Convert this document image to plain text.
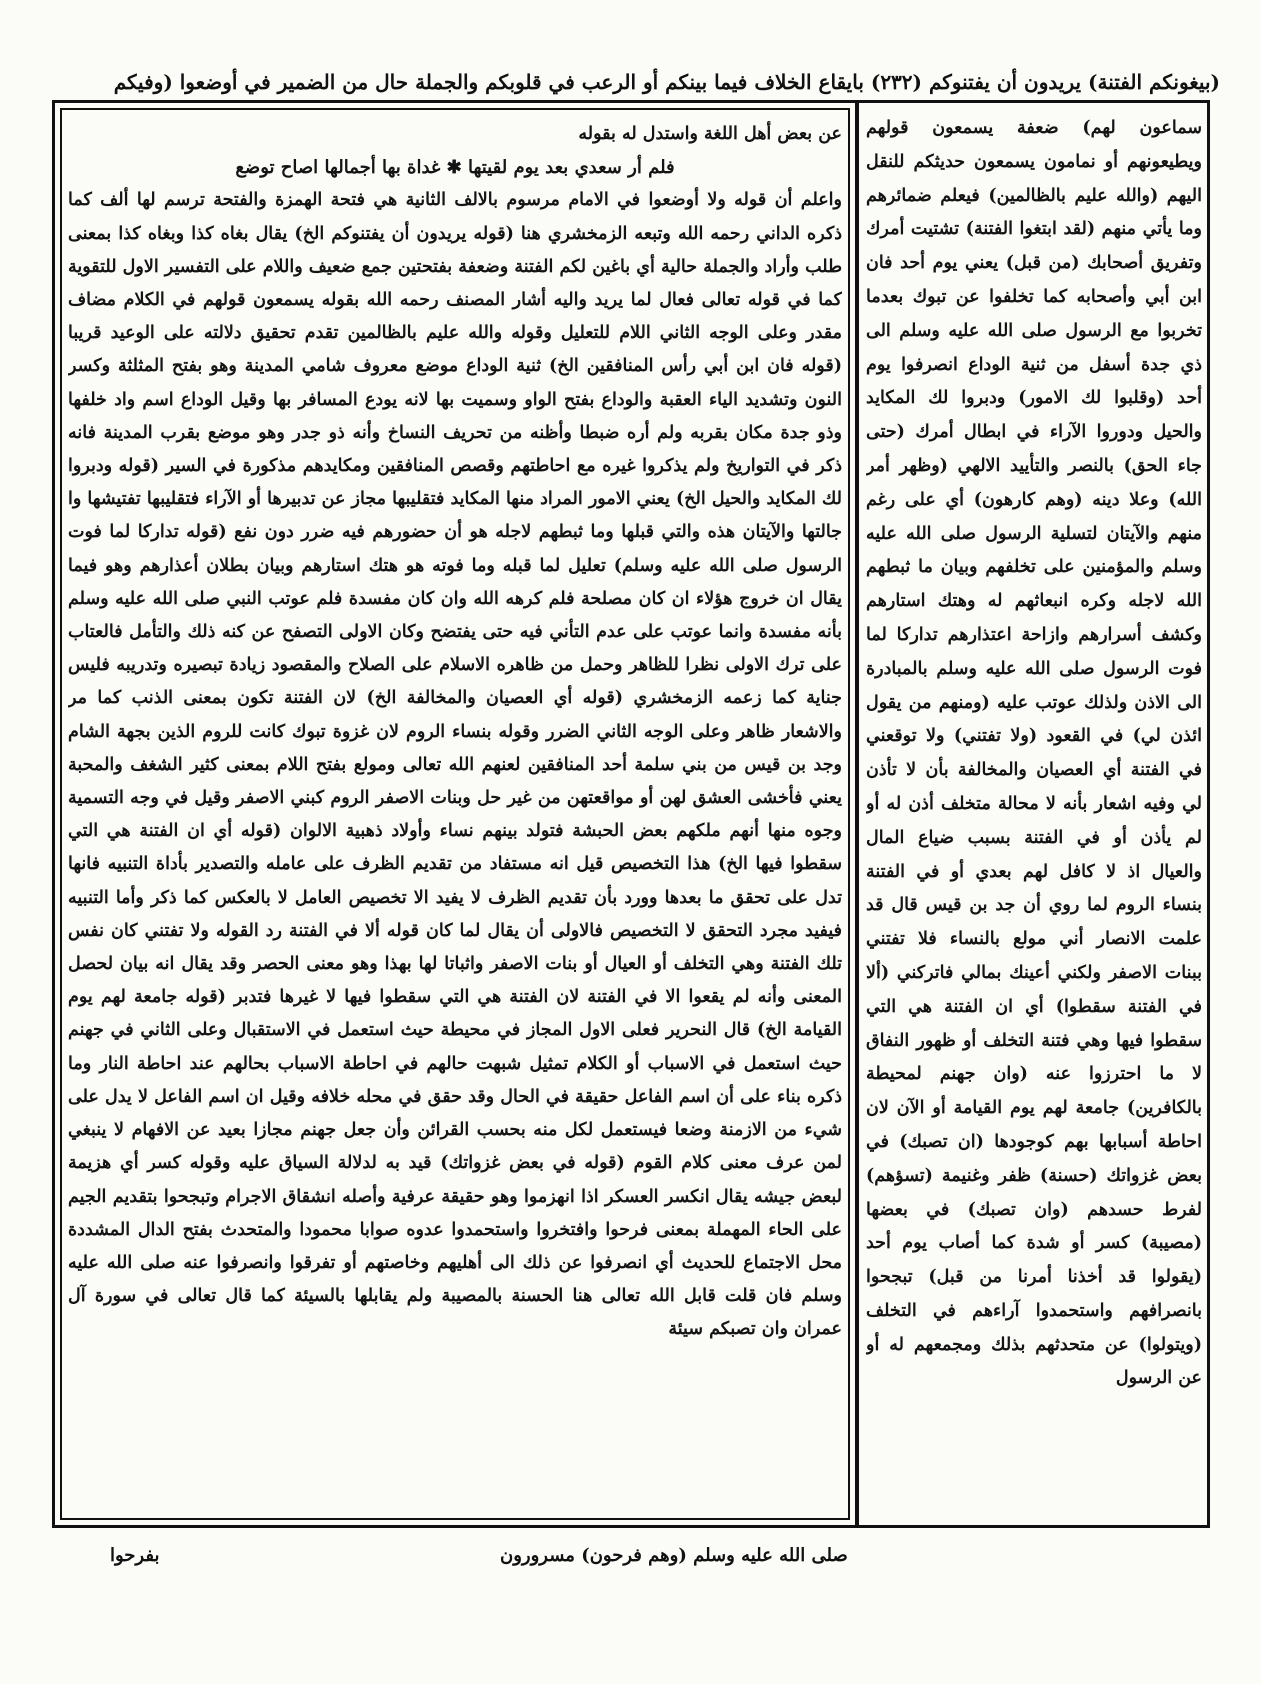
(بيغونكم الفتنة) يريدون أن يفتنوكم (٢٣٢) بايقاع الخلاف فيما بينكم أو الرعب في قلوبكم والجملة حال من الضمير في أوضعوا (وفيكم

سماعون لهم) ضعفة يسمعون قولهم ويطيعونهم أو نمامون يسمعون حديثكم للنقل اليهم (والله عليم بالظالمين) فيعلم ضمائرهم وما يأتي منهم (لقد ابتغوا الفتنة) تشتيت أمرك وتفريق أصحابك (من قبل) يعني يوم أحد فان ابن أبي وأصحابه كما تخلفوا عن تبوك بعدما تخربوا مع الرسول صلى الله عليه وسلم الى ذي جدة أسفل من ثنية الوداع انصرفوا يوم أحد (وقلبوا لك الامور) ودبروا لك المكايد والحيل ودوروا الآراء في ابطال أمرك (حتى جاء الحق) بالنصر والتأييد الالهي (وظهر أمر الله) وعلا دينه (وهم كارهون) أي على رغم منهم والآيتان لتسلية الرسول صلى الله عليه وسلم والمؤمنين على تخلفهم وبيان ما ثبطهم الله لاجله وكره انبعاثهم له وهتك استارهم وكشف أسرارهم وازاحة اعتذارهم تداركا لما فوت الرسول صلى الله عليه وسلم بالمبادرة الى الاذن ولذلك عوتب عليه (ومنهم من يقول ائذن لي) في القعود (ولا تفتني) ولا توقعني في الفتنة أي العصيان والمخالفة بأن لا تأذن لي وفيه اشعار بأنه لا محالة متخلف أذن له أو لم يأذن أو في الفتنة بسبب ضياع المال والعيال اذ لا كافل لهم بعدي أو في الفتنة بنساء الروم لما روي أن جد بن قيس قال قد علمت الانصار أني مولع بالنساء فلا تفتني ببنات الاصفر ولكني أعينك بمالي فاتركني (ألا في الفتنة سقطوا) أي ان الفتنة هي التي سقطوا فيها وهي فتنة التخلف أو ظهور النفاق لا ما احترزوا عنه (وان جهنم لمحيطة بالكافرين) جامعة لهم يوم القيامة أو الآن لان احاطة أسبابها بهم كوجودها (ان تصبك) في بعض غزواتك (حسنة) ظفر وغنيمة (تسؤهم) لفرط حسدهم (وان تصبك) في بعضها (مصيبة) كسر أو شدة كما أصاب يوم أحد (يقولوا قد أخذنا أمرنا من قبل) تبجحوا بانصرافهم واستحمدوا آراءهم في التخلف (ويتولوا) عن متحدثهم بذلك ومجمعهم له أو عن الرسول

عن بعض أهل اللغة واستدل له بقوله

فلم أر سعدي بعد يوم لقيتها ✱ غداة بها أجمالها اصاح توضع

واعلم أن قوله ولا أوضعوا في الامام مرسوم بالالف الثانية هي فتحة الهمزة والفتحة ترسم لها ألف كما ذكره الداني رحمه الله وتبعه الزمخشري هنا (قوله يريدون أن يفتنوكم الخ) يقال بغاه كذا وبغاه كذا بمعنى طلب وأراد والجملة حالية أي باغين لكم الفتنة وضعفة بفتحتين جمع ضعيف واللام على التفسير الاول للتقوية كما في قوله تعالى فعال لما يريد واليه أشار المصنف رحمه الله بقوله يسمعون قولهم في الكلام مضاف مقدر وعلى الوجه الثاني اللام للتعليل وقوله والله عليم بالظالمين تقدم تحقيق دلالته على الوعيد قريبا (قوله فان ابن أبي رأس المنافقين الخ) ثنية الوداع موضع معروف شامي المدينة وهو بفتح المثلثة وكسر النون وتشديد الياء العقبة والوداع بفتح الواو وسميت بها لانه يودع المسافر بها وقيل الوداع اسم واد خلفها وذو جدة مكان بقربه ولم أره ضبطا وأظنه من تحريف النساخ وأنه ذو جدر وهو موضع بقرب المدينة فانه ذكر في التواريخ ولم يذكروا غيره مع احاطتهم وقصص المنافقين ومكايدهم مذكورة في السير (قوله ودبروا لك المكايد والحيل الخ) يعني الامور المراد منها المكايد فتقليبها مجاز عن تدبيرها أو الآراء فتقليبها تفتيشها وا جالتها والآيتان هذه والتي قبلها وما ثبطهم لاجله هو أن حضورهم فيه ضرر دون نفع (قوله تداركا لما فوت الرسول صلى الله عليه وسلم) تعليل لما قبله وما فوته هو هتك استارهم وبيان بطلان أعذارهم وهو فيما يقال ان خروج هؤلاء ان كان مصلحة فلم كرهه الله وان كان مفسدة فلم عوتب النبي صلى الله عليه وسلم بأنه مفسدة وانما عوتب على عدم التأني فيه حتى يفتضح وكان الاولى التصفح عن كنه ذلك والتأمل فالعتاب على ترك الاولى نظرا للظاهر وحمل من ظاهره الاسلام على الصلاح والمقصود زيادة تبصيره وتدريبه فليس جناية كما زعمه الزمخشري (قوله أي العصيان والمخالفة الخ) لان الفتنة تكون بمعنى الذنب كما مر والاشعار ظاهر وعلى الوجه الثاني الضرر وقوله بنساء الروم لان غزوة تبوك كانت للروم الذين بجهة الشام وجد بن قيس من بني سلمة أحد المنافقين لعنهم الله تعالى ومولع بفتح اللام بمعنى كثير الشغف والمحبة يعني فأخشى العشق لهن أو مواقعتهن من غير حل وبنات الاصفر الروم كبني الاصفر وقيل في وجه التسمية وجوه منها أنهم ملكهم بعض الحبشة فتولد بينهم نساء وأولاد ذهبية الالوان (قوله أي ان الفتنة هي التي سقطوا فيها الخ) هذا التخصيص قيل انه مستفاد من تقديم الظرف على عامله والتصدير بأداة التنبيه فانها تدل على تحقق ما بعدها وورد بأن تقديم الظرف لا يفيد الا تخصيص العامل لا بالعكس كما ذكر وأما التنبيه فيفيد مجرد التحقق لا التخصيص فالاولى أن يقال لما كان قوله ألا في الفتنة رد القوله ولا تفتني كان نفس تلك الفتنة وهي التخلف أو العيال أو بنات الاصفر واثباتا لها بهذا وهو معنى الحصر وقد يقال انه بيان لحصل المعنى وأنه لم يقعوا الا في الفتنة لان الفتنة هي التي سقطوا فيها لا غيرها فتدبر (قوله جامعة لهم يوم القيامة الخ) قال النحرير فعلى الاول المجاز في محيطة حيث استعمل في الاستقبال وعلى الثاني في جهنم حيث استعمل في الاسباب أو الكلام تمثيل شبهت حالهم في احاطة الاسباب بحالهم عند احاطة النار وما ذكره بناء على أن اسم الفاعل حقيقة في الحال وقد حقق في محله خلافه وقيل ان اسم الفاعل لا يدل على شيء من الازمنة وضعا فيستعمل لكل منه بحسب القرائن وأن جعل جهنم مجازا بعيد عن الافهام لا ينبغي لمن عرف معنى كلام القوم (قوله في بعض غزواتك) قيد به لدلالة السياق عليه وقوله كسر أي هزيمة لبعض جيشه يقال انكسر العسكر اذا انهزموا وهو حقيقة عرفية وأصله انشقاق الاجرام وتبجحوا بتقديم الجيم على الحاء المهملة بمعنى فرحوا وافتخروا واستحمدوا عدوه صوابا محمودا والمتحدث بفتح الدال المشددة محل الاجتماع للحديث أي انصرفوا عن ذلك الى أهليهم وخاصتهم أو تفرقوا وانصرفوا عنه صلى الله عليه وسلم فان قلت قابل الله تعالى هنا الحسنة بالمصيبة ولم يقابلها بالسيئة كما قال تعالى في سورة آل عمران وان تصبكم سيئة

صلى الله عليه وسلم (وهم فرحون) مسرورون
بفرحوا
